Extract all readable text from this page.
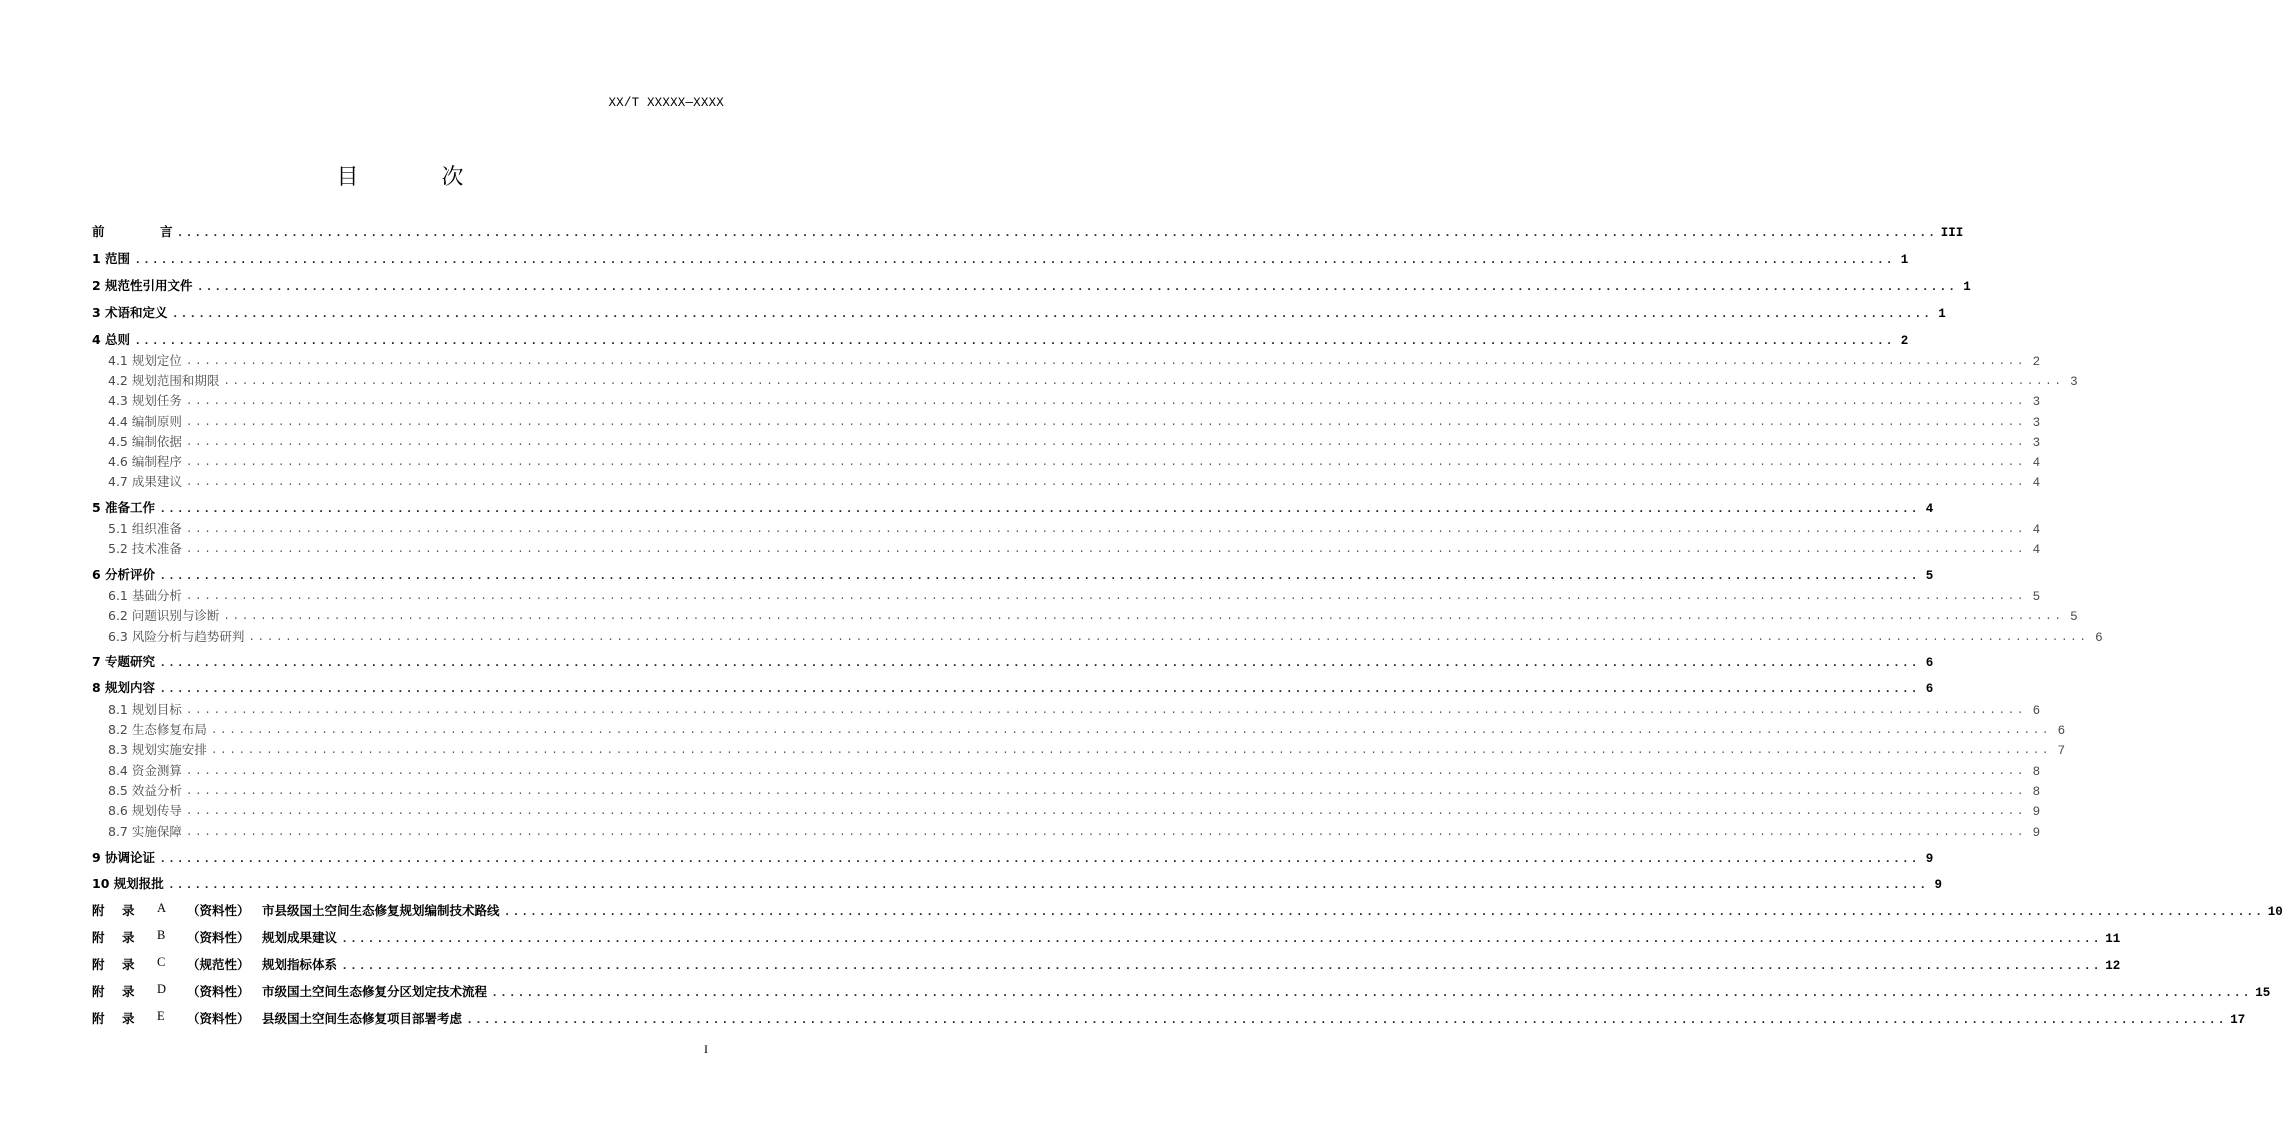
XX/T XXXXX—XXXX
目 次
前	言 ........................................................................................................................................................................................................ III
1 范围 ........................................................................................................................................................................................................ 1
2 规范性引用文件 ........................................................................................................................................................................................................ 1
3 术语和定义 ........................................................................................................................................................................................................ 1
4 总则 ........................................................................................................................................................................................................ 2
4.1 规划定位 ........................................................................................................................................................................................................ 2
4.2 规划范围和期限 ........................................................................................................................................................................................................ 3
4.3 规划任务 ........................................................................................................................................................................................................ 3
4.4 编制原则 ........................................................................................................................................................................................................ 3
4.5 编制依据 ........................................................................................................................................................................................................ 3
4.6 编制程序 ........................................................................................................................................................................................................ 4
4.7 成果建议 ........................................................................................................................................................................................................ 4
5 准备工作 ........................................................................................................................................................................................................ 4
5.1 组织准备 ........................................................................................................................................................................................................ 4
5.2 技术准备 ........................................................................................................................................................................................................ 4
6 分析评价 ........................................................................................................................................................................................................ 5
6.1 基础分析 ........................................................................................................................................................................................................ 5
6.2 问题识别与诊断 ........................................................................................................................................................................................................ 5
6.3 风险分析与趋势研判 ........................................................................................................................................................................................................ 6
7 专题研究 ........................................................................................................................................................................................................ 6
8 规划内容 ........................................................................................................................................................................................................ 6
8.1 规划目标 ........................................................................................................................................................................................................ 6
8.2 生态修复布局 ........................................................................................................................................................................................................ 6
8.3 规划实施安排 ........................................................................................................................................................................................................ 7
8.4 资金测算 ........................................................................................................................................................................................................ 8
8.5 效益分析 ........................................................................................................................................................................................................ 8
8.6 规划传导 ........................................................................................................................................................................................................ 9
8.7 实施保障 ........................................................................................................................................................................................................ 9
9 协调论证 ........................................................................................................................................................................................................ 9
10 规划报批 ........................................................................................................................................................................................................ 9
附	录	A	（资料性） 市县级国土空间生态修复规划编制技术路线 ........................................................................................................................................................................................................ 10
附	录	B	（资料性） 规划成果建议 ........................................................................................................................................................................................................ 11
附	录	C	（规范性） 规划指标体系 ........................................................................................................................................................................................................ 12
附	录	D	（资料性） 市级国土空间生态修复分区划定技术流程 ........................................................................................................................................................................................................ 15
附	录	E	（资料性） 县级国土空间生态修复项目部署考虑 ........................................................................................................................................................................................................ 17
I
